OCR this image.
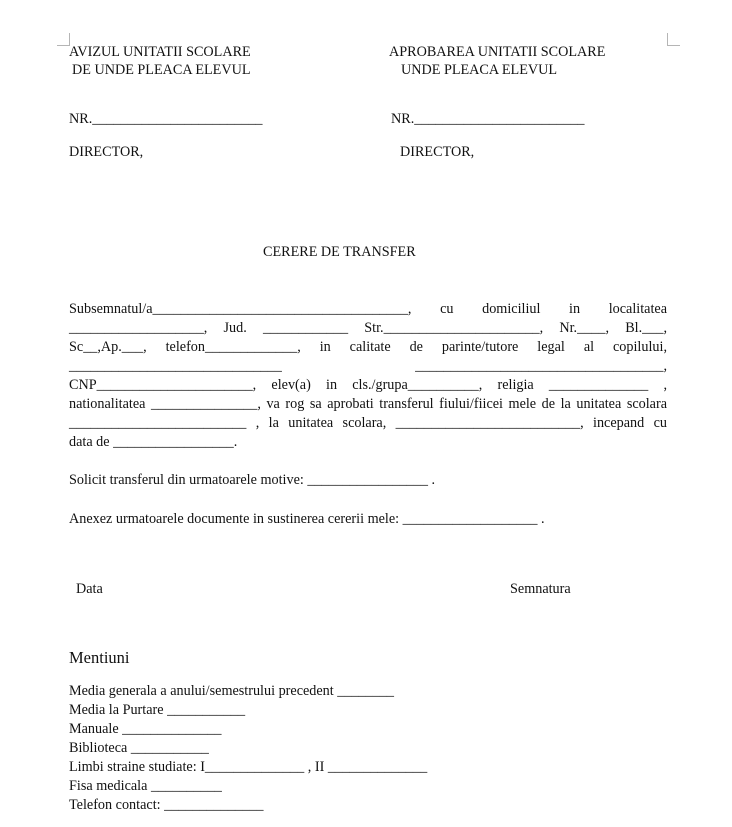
AVIZUL UNITATII SCOLARE
DE UNDE PLEACA ELEVUL
APROBAREA UNITATII SCOLARE
UNDE PLEACA ELEVUL
NR.________________________	NR.________________________
DIRECTOR,	DIRECTOR,
CERERE DE TRANSFER
Subsemnatul/a____________________________________, cu domiciliul in localitatea
___________________, Jud. ____________ Str.______________________, Nr.____, Bl.___,
Sc__,Ap.___, telefon_____________, in calitate de parinte/tutore legal al copilului,
______________________________ ___________________________________,
CNP______________________, elev(a) in cls./grupa__________, religia ______________ ,
nationalitatea _______________, va rog sa aprobati transferul fiului/fiicei mele de la unitatea scolara
_________________________ , la unitatea scolara, __________________________, incepand cu
data de _________________.
Solicit transferul din urmatoarele motive: _________________ .
Anexez urmatoarele documente in sustinerea cererii mele: ___________________ .
Data	Semnatura
Mentiuni
Media generala a anului/semestrului precedent ________
Media la Purtare ___________
Manuale ______________
Biblioteca ___________
Limbi straine studiate: I______________ , II ______________
Fisa medicala __________
Telefon contact: ______________
